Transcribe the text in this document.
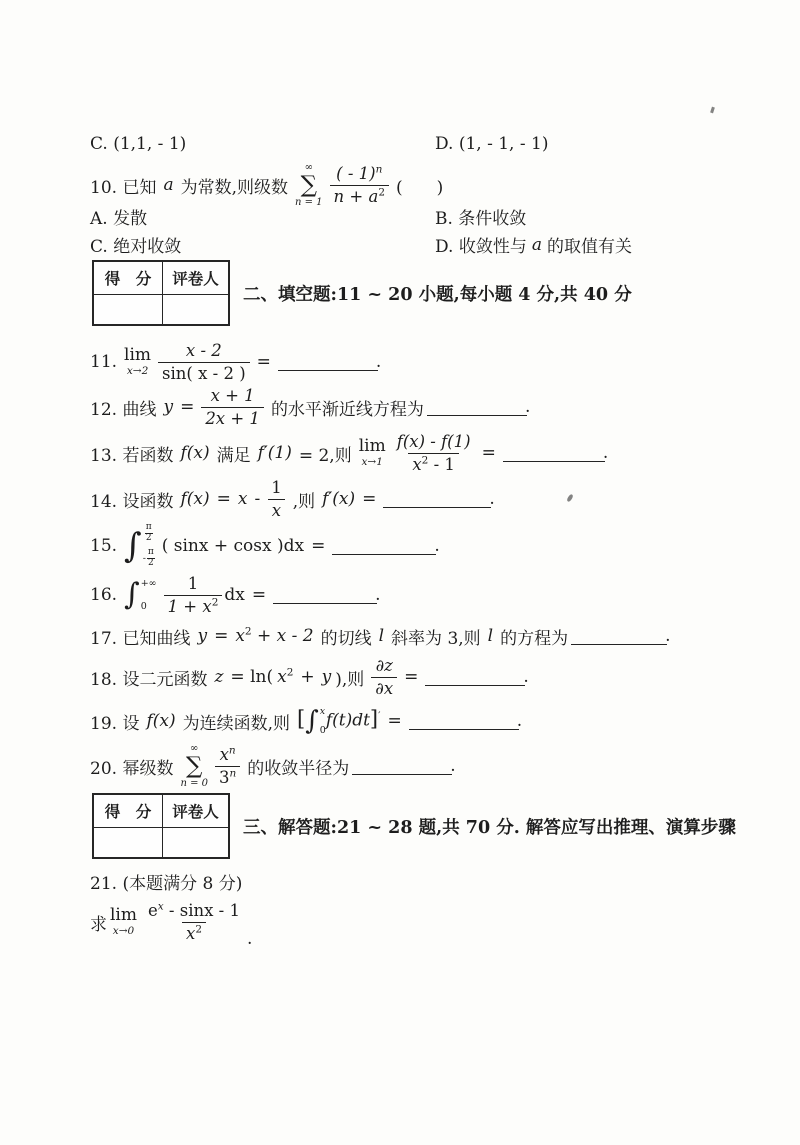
C. (1,1, - 1)	D. (1, - 1, - 1)
10. 已知 a 为常数,则级数
∞
∑
$n = 1 \frac{( - 1)^n}{n + a^2}$ (　　)
A. 发散	B. 条件收敛
C. 绝对收敛	D. 收敛性与 a 的取值有关
得　分	评卷人
二、填空题:11 ~ 20 小题,每小题 4 分,共 40 分
11. lim
$x\to 2 \frac{x - 2}{\sin( x - 2 )}$ =	.
12. 曲线 $y = \frac{x + 1}{2x + 1}$ 的水平渐近线方程为	.
13. 若函数 f(x) 满足 f′(1) = 2,则 lim
$x\to 1 \frac{f(x) - f(1)}{x^2 - 1}$ =	.
14. 设函数 $f(x) = x - \frac{1}{x}$ ,则 f′(x) =	.
15. ∫ $\frac{\pi}{2}$
- $\frac{\pi}{2}$
( sinx + cosx )dx =	.
16. ∫ +∞
0	$\frac{1}{1 + x^2}$ dx =	.
17. 已知曲线 $y = x^2 + x - 2$ 的切线 l 斜率为 3,则 l 的方程为	.
18. 设二元函数 z = ln( $x^2 + y$ ),则 $\frac{\partial z}{\partial x}$ =	.
19. 设 f(x) 为连续函数,则 [ ∫ x
0 f(t)dt]′ =	.
20. 幂级数
∞
∑
$n = 0 \frac{x^n}{3^n}$ 的收敛半径为	.
得　分	评卷人
三、解答题:21 ~ 28 题,共 70 分. 解答应写出推理、演算步骤
21. (本题满分 8 分)
求 lim
$x\to 0 \frac{e^x - \sin x - 1}{x^2}$ .
